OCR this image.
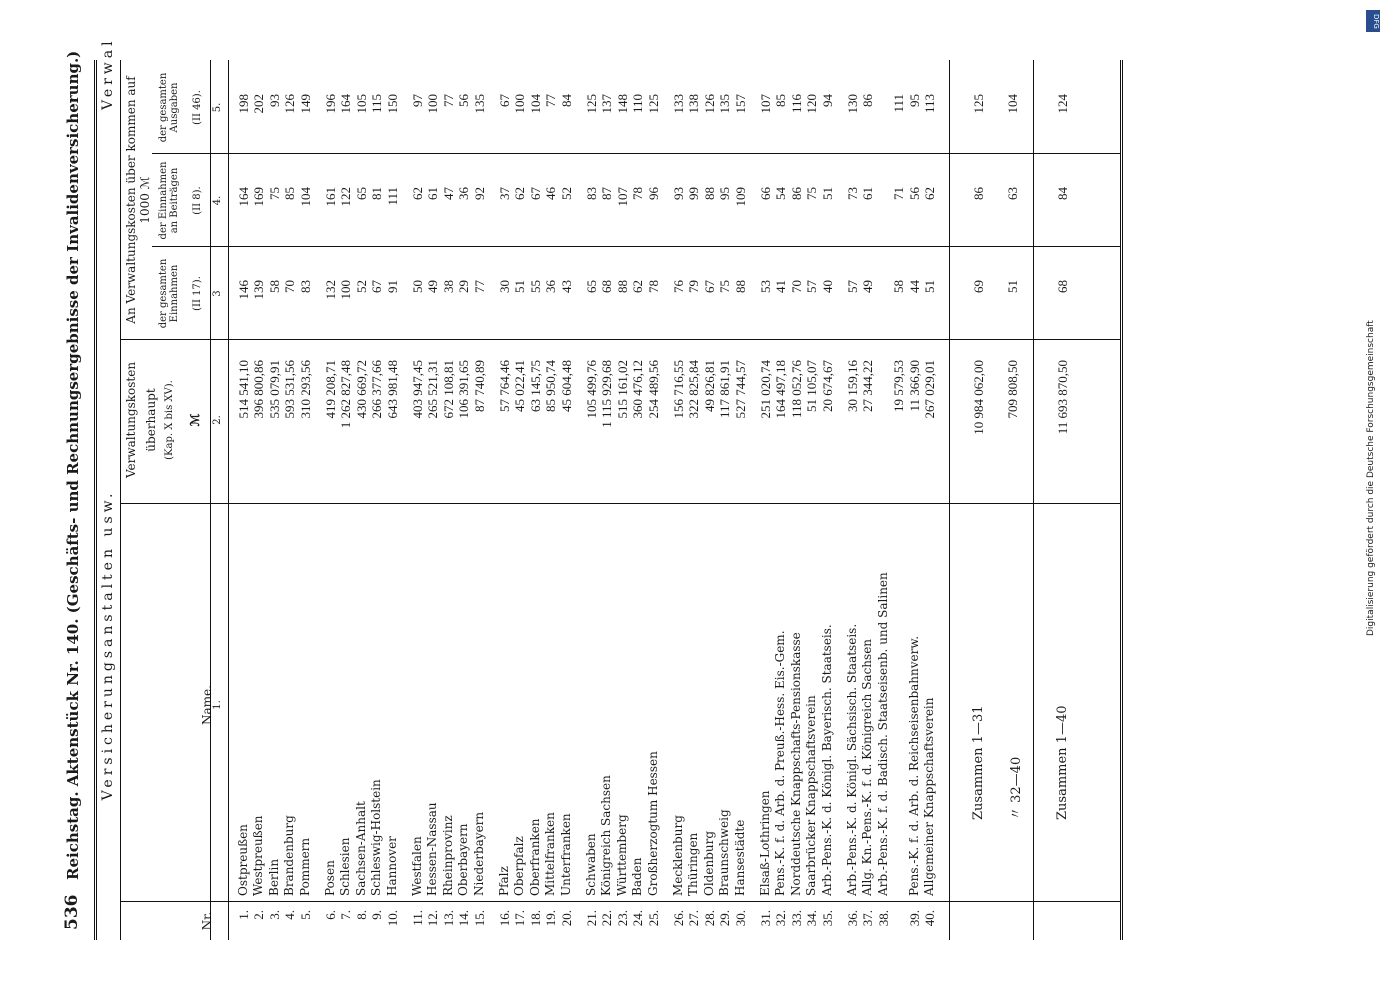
536
Reichstag. Aktenstück Nr. 140. (Geschäfts- und Rechnungsergebnisse der Invalidenversicherung.) Versicherungsanstalten usw.
Verwal
Nr.
Name.
Verwaltungskosten überhaupt (Kap. X bis XV). ℳ
An Verwaltungskosten über kommen auf 1000 ℳ
der gesamten Einnahmen (II 17).
der Einnahmen an Beiträgen (II 8).
der gesamten Ausgaben (II 46).
1.
2.
3
4.
5.
1.
Ostpreußen
514 541,10
146
164
198
2.
Westpreußen
396 800,86
139
169
202
3.
Berlin
535 079,91
58
75
93
4.
Brandenburg
593 531,56
70
85
126
5.
Pommern
310 293,56
83
104
149
6.
Posen
419 208,71
132
161
196
7.
Schlesien
1 262 827,48
100
122
164
8.
Sachsen-Anhalt
430 669,72
52
65
105
9.
Schleswig-Holstein
266 377,66
67
81
115
10.
Hannover
643 981,48
91
111
150
11.
Westfalen
403 947,45
50
62
97
12.
Hessen-Nassau
265 521,31
49
61
100
13.
Rheinprovinz
672 108,81
38
47
77
14.
Oberbayern
106 391,65
29
36
56
15.
Niederbayern
87 740,89
77
92
135
16.
Pfalz
57 764,46
30
37
67
17.
Oberpfalz
45 022,41
51
62
100
18.
Oberfranken
63 145,75
55
67
104
19.
Mittelfranken
85 950,74
36
46
77
20.
Unterfranken
45 604,48
43
52
84
21.
Schwaben
105 499,76
65
83
125
22.
Königreich Sachsen
1 115 929,68
68
87
137
23.
Württemberg
515 161,02
88
107
148
24.
Baden
360 476,12
62
78
110
25.
Großherzogtum Hessen
254 489,56
78
96
125
26.
Mecklenburg
156 716,55
76
93
133
27.
Thüringen
322 825,84
79
99
138
28.
Oldenburg
49 826,81
67
88
126
29.
Braunschweig
117 861,91
75
95
135
30.
Hansestädte
527 744,57
88
109
157
31.
Elsaß-Lothringen
251 020,74
53
66
107
32.
Pens.-K. f. d. Arb. d. Preuß.-Hess. Eis.-Gem.
164 497,18
41
54
85
33.
Norddeutsche Knappschafts-Pensionskasse
118 052,76
70
86
116
34.
Saarbrücker Knappschaftsverein
51 105,07
57
75
120
35.
Arb.-Pens.-K. d. Königl. Bayerisch. Staatseis.
20 674,67
40
51
94
36.
Arb.-Pens.-K. d. Königl. Sächsisch. Staatseis.
30 159,16
57
73
130
37.
Allg. Kn.-Pens.-K. f. d. Königreich Sachsen
27 344,22
49
61
86
38.
Arb.-Pens.-K. f. d. Badisch. Staatseisenb. und Salinen
19 579,53
58
71
111
39.
Pens.-K. f. d. Arb. d. Reichseisenbahnverw.
11 366,90
44
56
95
40.
Allgemeiner Knappschaftsverein
267 029,01
51
62
113
Zusammen 1—31
10 984 062,00
69
86
125
〃 32—40
709 808,50
51
63
104
Zusammen 1—40
11 693 870,50
68
84
124
DFG
Digitalisierung gefördert durch die Deutsche Forschungsgemeinschaft
